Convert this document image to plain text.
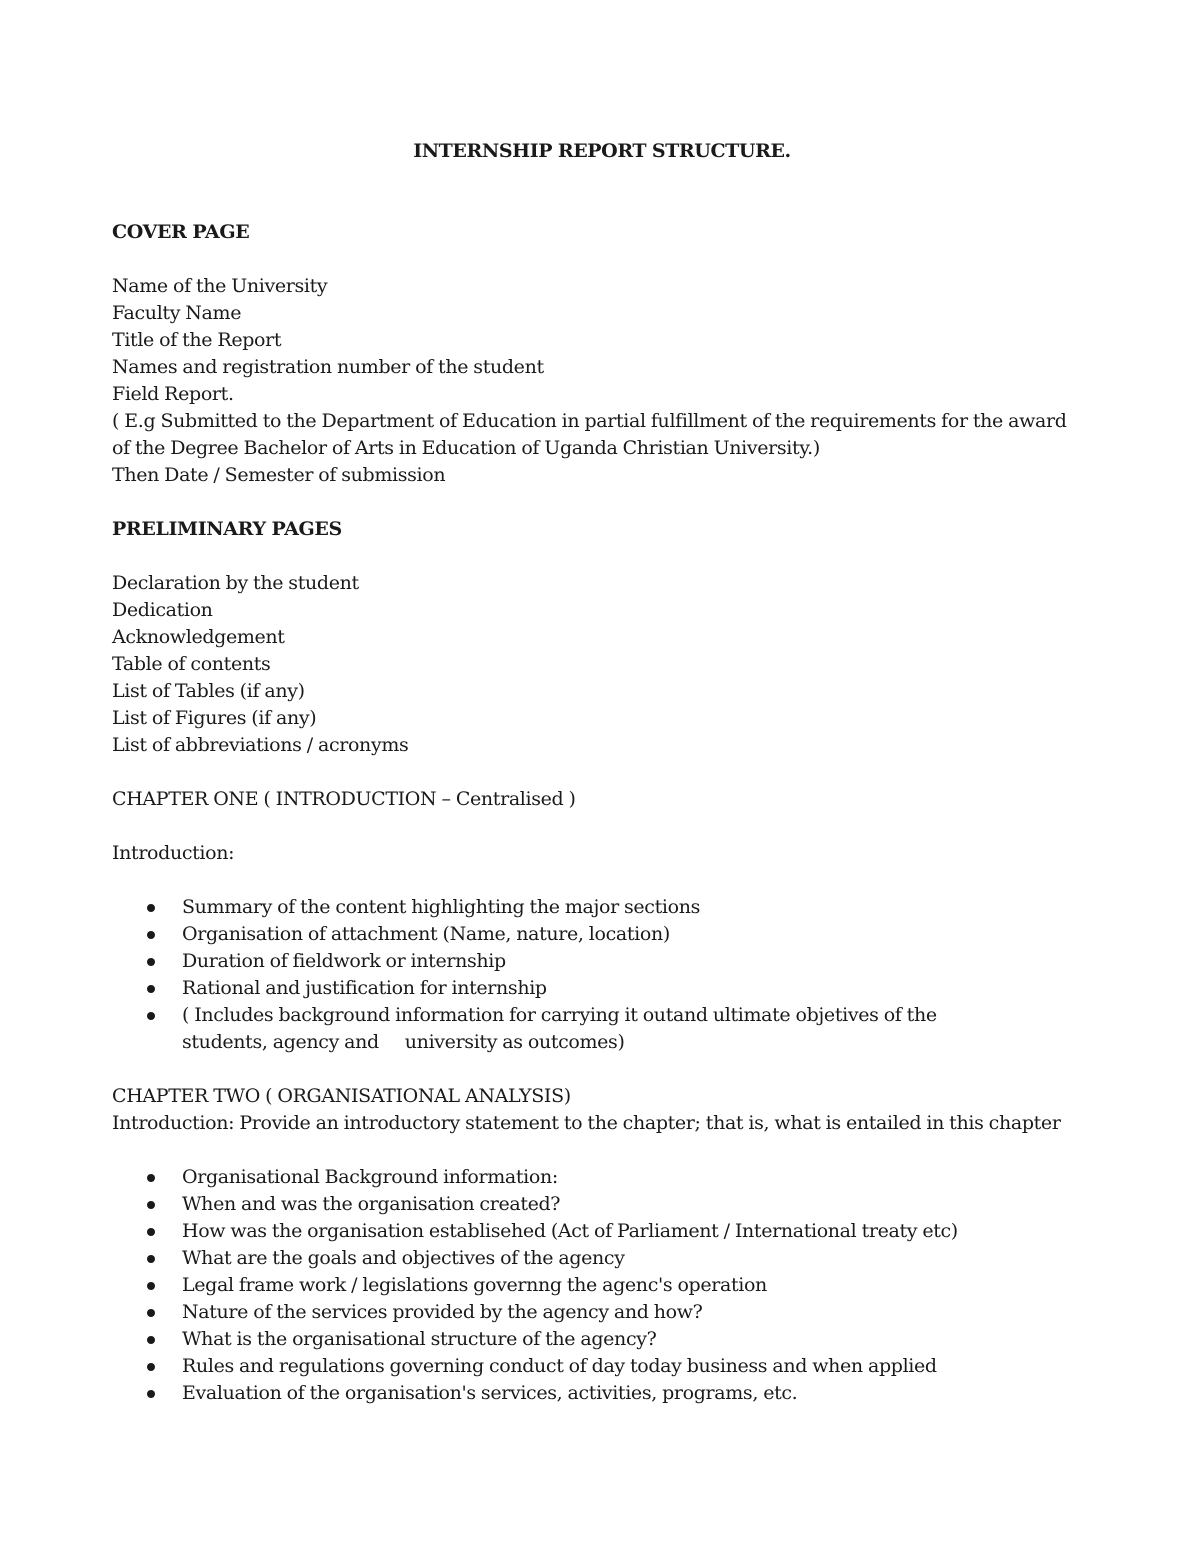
INTERNSHIP REPORT STRUCTURE.

COVER PAGE

Name of the University

Faculty Name

Title of the Report

Names and registration number of the student

Field Report.

( E.g Submitted to the Department of Education in partial fulfillment of the requirements for the award

of the Degree Bachelor of Arts in Education of Uganda Christian University.)

Then Date / Semester of submission

PRELIMINARY PAGES

Declaration by the student

Dedication

Acknowledgement

Table of contents

List of Tables (if any)

List of Figures (if any)

List of abbreviations / acronyms

CHAPTER ONE ( INTRODUCTION – Centralised )

Introduction:

Summary of the content highlighting the major sections
Organisation of attachment (Name, nature, location)
Duration of fieldwork or internship
Rational and justification for internship
( Includes background information for carrying it outand ultimate objetives of the
students, agency and     university as outcomes)

CHAPTER TWO ( ORGANISATIONAL ANALYSIS)

Introduction: Provide an introductory statement to the chapter; that is, what is entailed in this chapter

Organisational Background information:
When and was the organisation created?
How was the organisation establisehed (Act of Parliament / International treaty etc)
What are the goals and objectives of the agency
Legal frame work / legislations governng the agenc's operation
Nature of the services provided by the agency and how?
What is the organisational structure of the agency?
Rules and regulations governing conduct of day today business and when applied
Evaluation of the organisation's services, activities, programs, etc.
